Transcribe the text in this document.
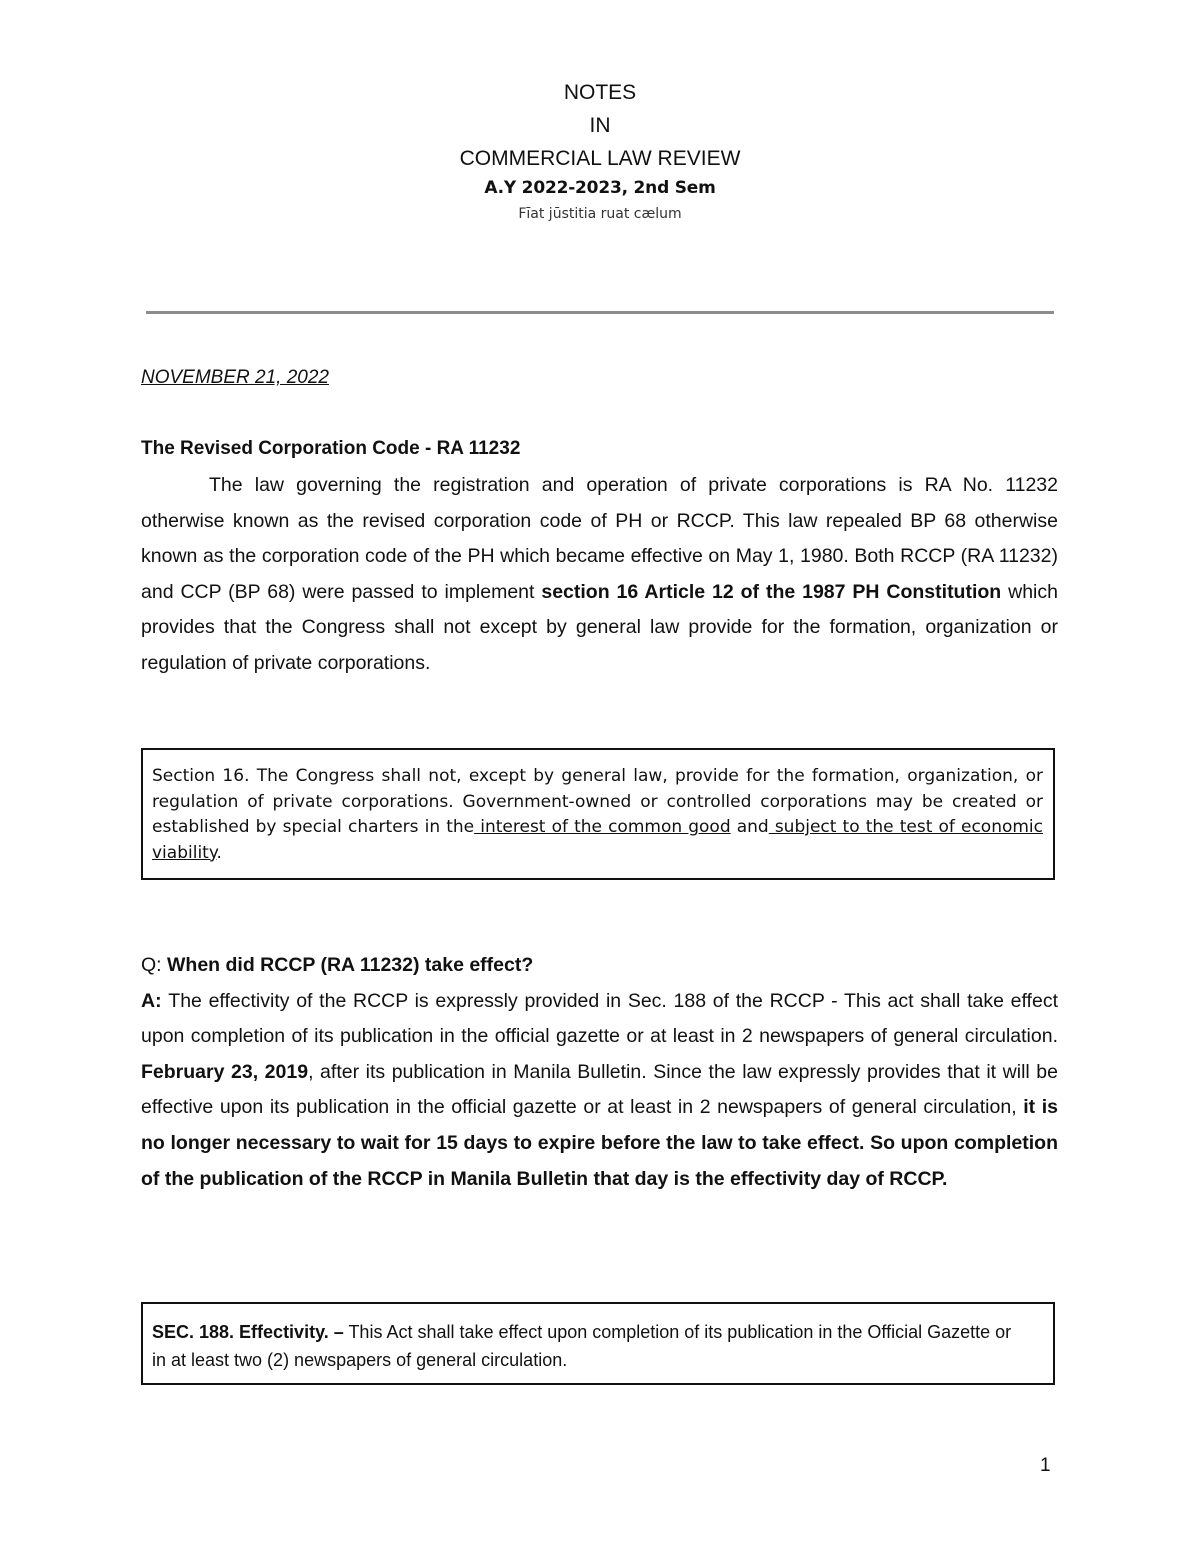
NOTES
IN
COMMERCIAL LAW REVIEW
A.Y 2022-2023, 2nd Sem
Fīat jūstitia ruat cælum
NOVEMBER 21, 2022
The Revised Corporation Code - RA 11232
The law governing the registration and operation of private corporations is RA No. 11232 otherwise known as the revised corporation code of PH or RCCP. This law repealed BP 68 otherwise known as the corporation code of the PH which became effective on May 1, 1980. Both RCCP (RA 11232) and CCP (BP 68) were passed to implement section 16 Article 12 of the 1987 PH Constitution which provides that the Congress shall not except by general law provide for the formation, organization or regulation of private corporations.
Section 16. The Congress shall not, except by general law, provide for the formation, organization, or regulation of private corporations. Government-owned or controlled corporations may be created or established by special charters in the interest of the common good and subject to the test of economic viability.
Q: When did RCCP (RA 11232) take effect?
A: The effectivity of the RCCP is expressly provided in Sec. 188 of the RCCP - This act shall take effect upon completion of its publication in the official gazette or at least in 2 newspapers of general circulation. February 23, 2019, after its publication in Manila Bulletin. Since the law expressly provides that it will be effective upon its publication in the official gazette or at least in 2 newspapers of general circulation, it is no longer necessary to wait for 15 days to expire before the law to take effect. So upon completion of the publication of the RCCP in Manila Bulletin that day is the effectivity day of RCCP.
SEC. 188. Effectivity. – This Act shall take effect upon completion of its publication in the Official Gazette or in at least two (2) newspapers of general circulation.
1
